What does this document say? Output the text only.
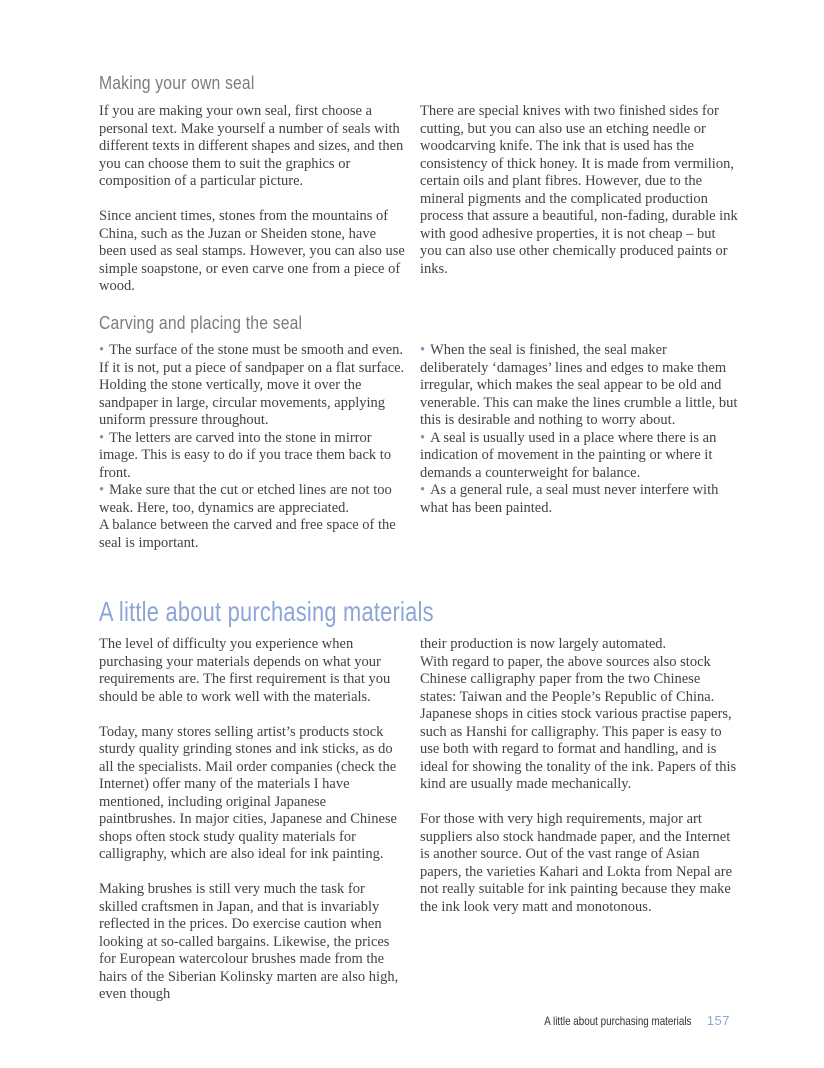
Making your own seal

If you are making your own seal, first choose a personal text. Make yourself a number of seals with different texts in different shapes and sizes, and then you can choose them to suit the graphics or composition of a particular picture.

Since ancient times, stones from the mountains of China, such as the Juzan or Sheiden stone, have been used as seal stamps. However, you can also use simple soapstone, or even carve one from a piece of wood.

There are special knives with two finished sides for cutting, but you can also use an etching needle or woodcarving knife. The ink that is used has the consistency of thick honey. It is made from vermilion, certain oils and plant fibres. However, due to the mineral pigments and the complicated production process that assure a beautiful, non-fading, durable ink with good adhesive properties, it is not cheap – but you can also use other chemically produced paints or inks.

Carving and placing the seal

• The surface of the stone must be smooth and even. If it is not, put a piece of sandpaper on a flat surface. Holding the stone vertically, move it over the sandpaper in large, circular movements, applying uniform pressure throughout.

• The letters are carved into the stone in mirror image. This is easy to do if you trace them back to front.

• Make sure that the cut or etched lines are not too weak. Here, too, dynamics are appreciated.
A balance between the carved and free space of the seal is important.

• When the seal is finished, the seal maker deliberately ‘damages’ lines and edges to make them irregular, which makes the seal appear to be old and venerable. This can make the lines crumble a little, but this is desirable and nothing to worry about.

• A seal is usually used in a place where there is an indication of movement in the painting or where it demands a counterweight for balance.

• As a general rule, a seal must never interfere with what has been painted.

A little about purchasing materials

The level of difficulty you experience when purchasing your materials depends on what your requirements are. The first requirement is that you should be able to work well with the materials.

Today, many stores selling artist’s products stock sturdy quality grinding stones and ink sticks, as do all the specialists. Mail order companies (check the Internet) offer many of the materials I have mentioned, including original Japanese paintbrushes. In major cities, Japanese and Chinese shops often stock study quality materials for calligraphy, which are also ideal for ink painting.

Making brushes is still very much the task for skilled craftsmen in Japan, and that is invariably reflected in the prices. Do exercise caution when looking at so-called bargains. Likewise, the prices for European watercolour brushes made from the hairs of the Siberian Kolinsky marten are also high, even though

their production is now largely automated.
With regard to paper, the above sources also stock Chinese calligraphy paper from the two Chinese states: Taiwan and the People’s Republic of China. Japanese shops in cities stock various practise papers, such as Hanshi for calligraphy. This paper is easy to use both with regard to format and handling, and is ideal for showing the tonality of the ink. Papers of this kind are usually made mechanically.

For those with very high requirements, major art suppliers also stock handmade paper, and the Internet is another source. Out of the vast range of Asian papers, the varieties Kahari and Lokta from Nepal are not really suitable for ink painting because they make the ink look very matt and monotonous.

A little about purchasing materials 157
